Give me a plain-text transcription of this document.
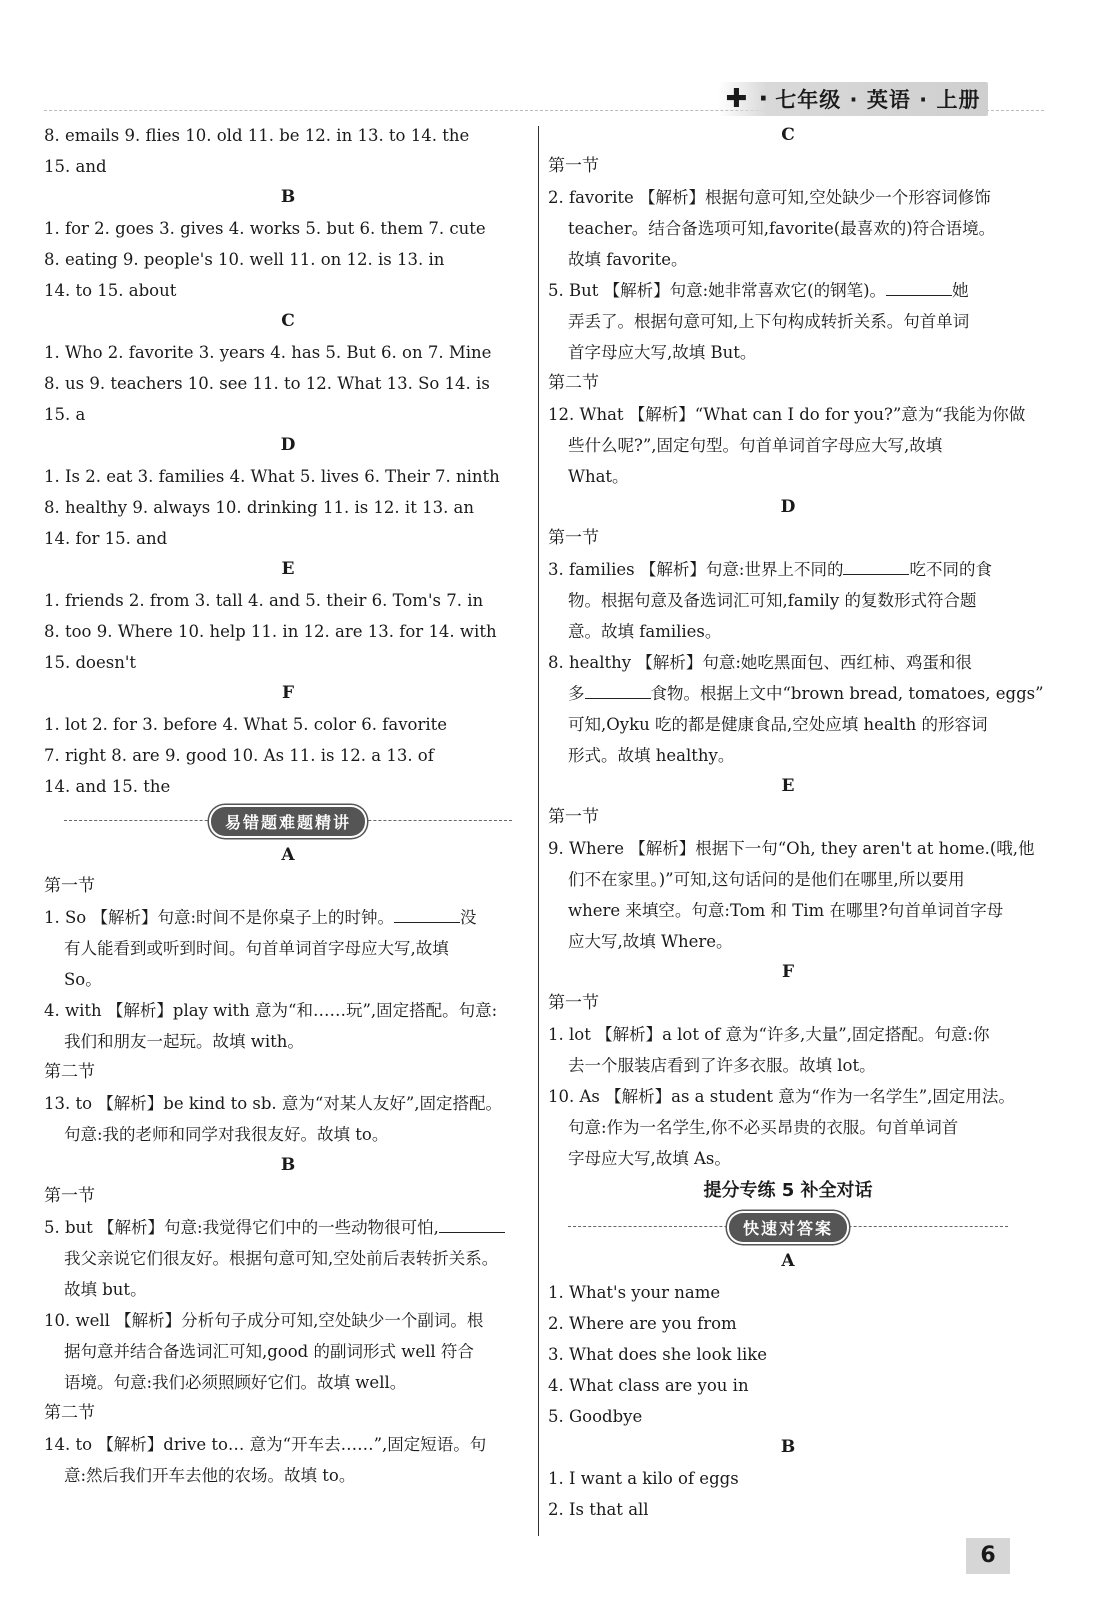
✚ · 七年级 · 英语 · 上册
8. emails 9. flies 10. old 11. be 12. in 13. to 14. the
15. and
B
1. for 2. goes 3. gives 4. works 5. but 6. them 7. cute
8. eating 9. people's 10. well 11. on 12. is 13. in
14. to 15. about
C
1. Who 2. favorite 3. years 4. has 5. But 6. on 7. Mine
8. us 9. teachers 10. see 11. to 12. What 13. So 14. is
15. a
D
1. Is 2. eat 3. families 4. What 5. lives 6. Their 7. ninth
8. healthy 9. always 10. drinking 11. is 12. it 13. an
14. for 15. and
E
1. friends 2. from 3. tall 4. and 5. their 6. Tom's 7. in
8. too 9. Where 10. help 11. in 12. are 13. for 14. with
15. doesn't
F
1. lot 2. for 3. before 4. What 5. color 6. favorite
7. right 8. are 9. good 10. As 11. is 12. a 13. of
14. and 15. the
易错题难题精讲
A
第一节
1. So 【解析】句意:时间不是你桌子上的时钟。	没
有人能看到或听到时间。句首单词首字母应大写,故填
So。
4. with 【解析】play with 意为“和……玩”,固定搭配。句意:
我们和朋友一起玩。故填 with。
第二节
13. to 【解析】be kind to sb. 意为“对某人友好”,固定搭配。
句意:我的老师和同学对我很友好。故填 to。
B
第一节
5. but 【解析】句意:我觉得它们中的一些动物很可怕,
我父亲说它们很友好。根据句意可知,空处前后表转折关系。
故填 but。
10. well 【解析】分析句子成分可知,空处缺少一个副词。根
据句意并结合备选词汇可知,good 的副词形式 well 符合
语境。句意:我们必须照顾好它们。故填 well。
第二节
14. to 【解析】drive to… 意为“开车去……”,固定短语。句
意:然后我们开车去他的农场。故填 to。
C
第一节
2. favorite 【解析】根据句意可知,空处缺少一个形容词修饰
teacher。结合备选项可知,favorite(最喜欢的)符合语境。
故填 favorite。
5. But 【解析】句意:她非常喜欢它(的钢笔)。	她
弄丢了。根据句意可知,上下句构成转折关系。句首单词
首字母应大写,故填 But。
第二节
12. What 【解析】“What can I do for you?”意为“我能为你做
些什么呢?”,固定句型。句首单词首字母应大写,故填
What。
D
第一节
3. families 【解析】句意:世界上不同的	吃不同的食
物。根据句意及备选词汇可知,family 的复数形式符合题
意。故填 families。
8. healthy 【解析】句意:她吃黑面包、西红柿、鸡蛋和很
多	食物。根据上文中“brown bread, tomatoes, eggs”
可知,Oyku 吃的都是健康食品,空处应填 health 的形容词
形式。故填 healthy。
E
第一节
9. Where 【解析】根据下一句“Oh, they aren't at home.(哦,他
们不在家里。)”可知,这句话问的是他们在哪里,所以要用
where 来填空。句意:Tom 和 Tim 在哪里?句首单词首字母
应大写,故填 Where。
F
第一节
1. lot 【解析】a lot of 意为“许多,大量”,固定搭配。句意:你
去一个服装店看到了许多衣服。故填 lot。
10. As 【解析】as a student 意为“作为一名学生”,固定用法。
句意:作为一名学生,你不必买昂贵的衣服。句首单词首
字母应大写,故填 As。
提分专练 5 补全对话
快速对答案
A
1. What's your name
2. Where are you from
3. What does she look like
4. What class are you in
5. Goodbye
B
1. I want a kilo of eggs
2. Is that all
6
